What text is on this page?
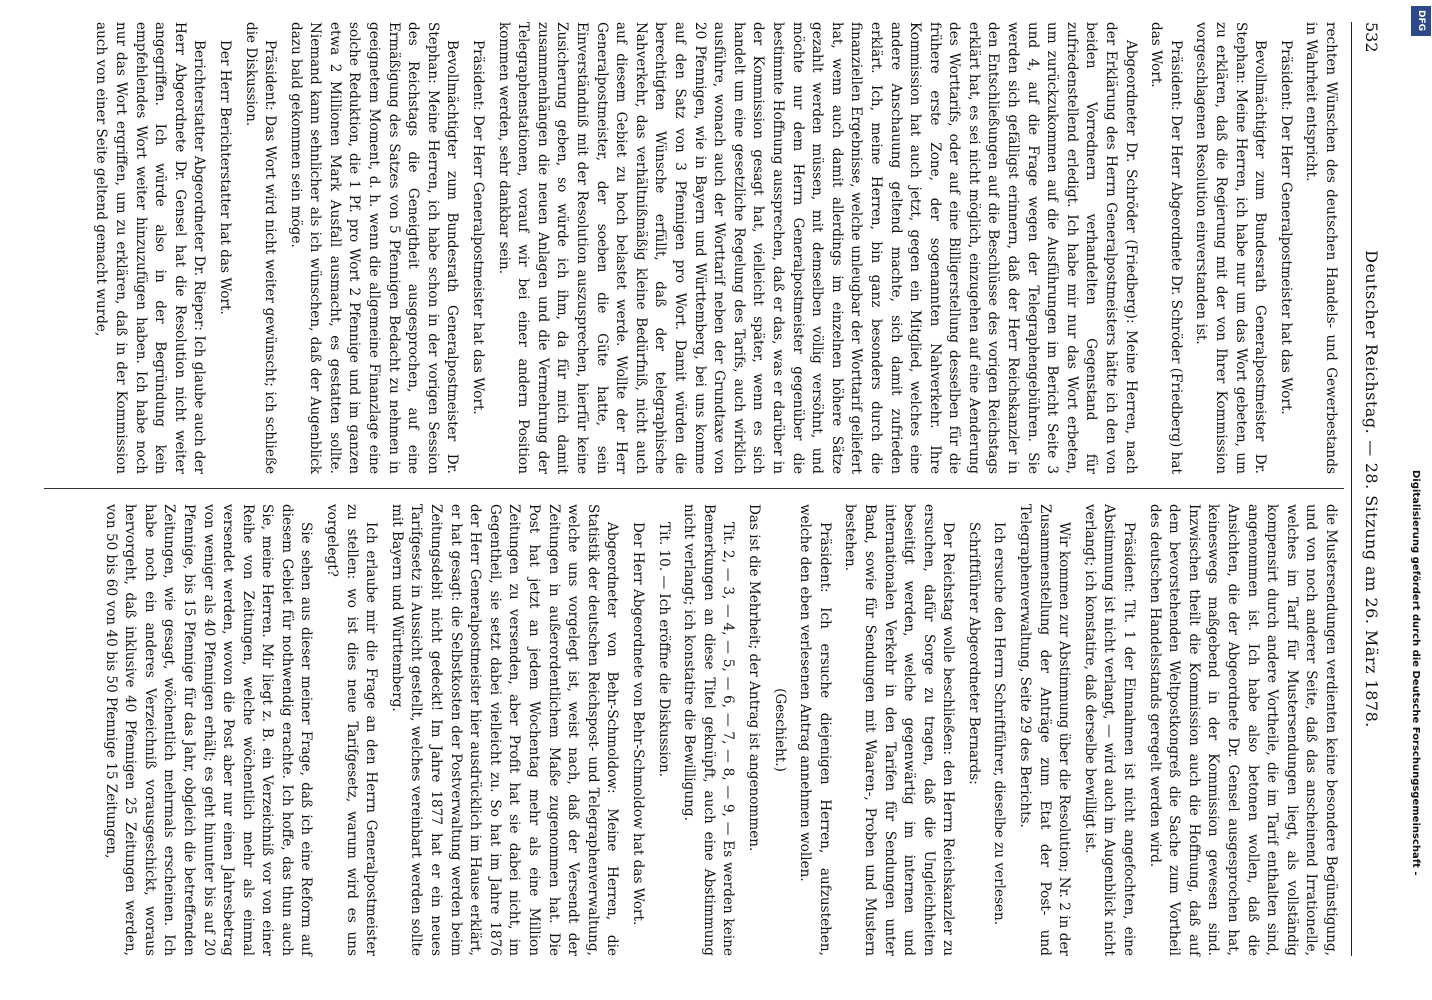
532
Deutscher Reichstag.—28. Sitzung am 26. März 1878.

rechten Wünschen des deutschen Handels- und Gewerbestands in Wahrheit entspricht.

Präsident: Der Herr Generalpostmeister hat das Wort.

Bevollmächtigter zum Bundesrath Generalpostmeister Dr. Stephan: Meine Herren, ich habe nur um das Wort gebeten, um zu erklären, daß die Regierung mit der von Ihrer Kommission vorgeschlagenen Resolution einverstanden ist.

Präsident: Der Herr Abgeordnete Dr. Schröder (Friedberg) hat das Wort.

Abgeordneter Dr. Schröder (Friedberg): Meine Herren, nach der Erklärung des Herrn Generalpostmeisters hätte ich den von beiden Vorrednern verhandelten Gegenstand für zufriedenstellend erledigt. Ich habe mir nur das Wort erbeten, um zurückzukommen auf die Ausführungen im Bericht Seite 3 und 4, auf die Frage wegen der Telegraphengebühren. Sie werden sich gefälligst erinnern, daß der Herr Reichskanzler in den Entschließungen auf die Beschlüsse des vorigen Reichstags erklärt hat, es sei nicht möglich, einzugehen auf eine Aenderung des Worttarifs, oder auf eine Billigerstellung desselben für die frühere erste Zone, der sogenannten Nahverkehr. Ihre Kommission hat auch jetzt, gegen ein Mitglied, welches eine andere Anschauung geltend machte, sich damit zufrieden erklärt. Ich, meine Herren, bin ganz besonders durch die finanziellen Ergebnisse, welche unleugbar der Worttarif geliefert hat, wenn auch damit allerdings im einzelnen höhere Sätze gezahlt werden müssen, mit demselben völlig versöhnt, und möchte nur dem Herrn Generalpostmeister gegenüber die bestimmte Hoffnung aussprechen, daß er das, was er darüber in der Kommission gesagt hat, vielleicht später, wenn es sich handelt um eine gesetzliche Regelung des Tarifs, auch wirklich ausführe, wonach auch der Worttarif neben der Grundtaxe von 20 Pfennigen, wie in Bayern und Württemberg, bei uns komme auf den Satz von 3 Pfennigen pro Wort. Damit würden die berechtigten Wünsche erfüllt, daß der telegraphische Nahverkehr, das verhältnißmäßig kleine Bedürfniß, nicht auch auf diesem Gebiet zu hoch belastet werde. Wollte der Herr Generalpostmeister, der soeben die Güte hatte, sein Einverständniß mit der Resolution auszusprechen, hierfür keine Zusicherung geben, so würde ich ihm, da für mich damit zusammenhängen die neuen Anlagen und die Vermehrung der Telegraphenstationen, vorauf wir bei einer andern Position kommen werden, sehr dankbar sein.

Präsident: Der Herr Generalpostmeister hat das Wort.

Bevollmächtigter zum Bundesrath Generalpostmeister Dr. Stephan: Meine Herren, ich habe schon in der vorigen Session des Reichstags die Geneigtheit ausgesprochen, auf eine Ermäßigung des Satzes von 5 Pfennigen Bedacht zu nehmen in geeignetem Moment, d. h. wenn die allgemeine Finanzlage eine solche Reduktion, die 1 Pf. pro Wort 2 Pfennige und im ganzen etwa 2 Millionen Mark Ausfall ausmacht, es gestatten sollte. Niemand kann sehnlicher als ich wünschen, daß der Augenblick dazu bald gekommen sein möge.

Präsident: Das Wort wird nicht weiter gewünscht; ich schließe die Diskussion.

Der Herr Berichterstatter hat das Wort.

Berichterstatter Abgeordneter Dr. Rieper: Ich glaube auch der Herr Abgeordnete Dr. Gensel hat die Resolution nicht weiter angegriffen. Ich würde also in der Begründung kein empfehlendes Wort weiter hinzuzufügen haben. Ich habe noch nur das Wort ergriffen, um zu erklären, daß in der Kommission auch von einer Seite geltend gemacht wurde,

die Mustersendungen verdienten keine besondere Begünstigung, und von noch anderer Seite, daß das anscheinend Irrationelle, welches im Tarif für Mustersendungen liegt, als vollständig kompensirt durch andere Vortheile, die im Tarif enthalten sind, angenommen ist. Ich habe also betonen wollen, daß die Ansichten, die der Abgeordnete Dr. Gensel ausgesprochen hat, keineswegs maßgebend in der Kommission gewesen sind. Inzwischen theilt die Kommission auch die Hoffnung, daß auf dem bevorstehenden Weltpostkongreß die Sache zum Vortheil des deutschen Handelsstands geregelt werden wird.

Präsident: Tit. 1 der Einnahmen ist nicht angefochten, eine Abstimmung ist nicht verlangt, — wird auch im Augenblick nicht verlangt; ich konstatire, daß derselbe bewilligt ist.

Wir kommen zur Abstimmung über die Resolution; Nr. 2 in der Zusammenstellung der Anträge zum Etat der Post- und Telegraphenverwaltung, Seite 29 des Berichts.

Ich ersuche den Herrn Schriftführer, dieselbe zu verlesen.

Schriftführer Abgeordneter Bernards:

Der Reichstag wolle beschließen: den Herrn Reichskanzler zu ersuchen, dafür Sorge zu tragen, daß die Ungleichheiten beseitigt werden, welche gegenwärtig im internen und internationalen Verkehr in den Tarifen für Sendungen unter Band, sowie für Sendungen mit Waaren-, Proben und Mustern bestehen.

Präsident: Ich ersuche diejenigen Herren, aufzustehen, welche den eben verlesenen Antrag annehmen wollen.

(Geschieht.)

Das ist die Mehrheit; der Antrag ist angenommen.

Tit. 2, — 3, — 4, — 5, — 6, — 7, — 8, — 9, — Es werden keine Bemerkungen an diese Titel geknüpft, auch eine Abstimmung nicht verlangt; ich konstatire die Bewilligung.

Tit. 10. — Ich eröffne die Diskussion.

Der Herr Abgeordnete von Behr-Schmoldow hat das Wort.

Abgeordneter von Behr-Schmoldow: Meine Herren, die Statistik der deutschen Reichspost- und Telegraphenverwaltung, welche uns vorgelegt ist, weist nach, daß der Versendt der Zeitungen in außerordentlichem Maße zugenommen hat. Die Post hat jetzt an jedem Wochentag mehr als eine Million Zeitungen zu versenden, aber Profit hat sie dabei nicht, im Gegentheil, sie setzt dabei vielleicht zu. So hat im Jahre 1876 der Herr Generalpostmeister hier ausdrücklich im Hause erklärt, er hat gesagt: die Selbstkosten der Postverwaltung werden beim Zeitungsdebit nicht gedeckt! Im Jahre 1877 hat er ein neues Tarifgesetz in Aussicht gestellt, welches vereinbart werden sollte mit Bayern und Württemberg.

Ich erlaube mir die Frage an den Herrn Generalpostmeister zu stellen: wo ist dies neue Tarifgesetz, warum wird es uns vorgelegt?

Sie sehen aus dieser meiner Frage, daß ich eine Reform auf diesem Gebiet für nothwendig erachte. Ich hoffe, das thun auch Sie, meine Herren. Mir liegt z. B. ein Verzeichniß vor von einer Reihe von Zeitungen, welche wöchentlich mehr als einmal versendet werden, wovon die Post aber nur einen Jahresbetrag von weniger als 40 Pfennigen erhält; es geht hinunter bis auf 20 Pfennige, bis 15 Pfennige für das Jahr, obgleich die betreffenden Zeitungen, wie gesagt, wöchentlich mehrmals erscheinen. Ich habe noch ein anderes Verzeichniß vorausgeschickt, woraus hervorgeht, daß inklusive 40 Pfennigen 25 Zeitungen werden, von 50 bis 60 von 40 bis 50 Pfennige 15 Zeitungen,

DFG
Digitalisierung gefördert durch die Deutsche Forschungsgemeinschaft -
